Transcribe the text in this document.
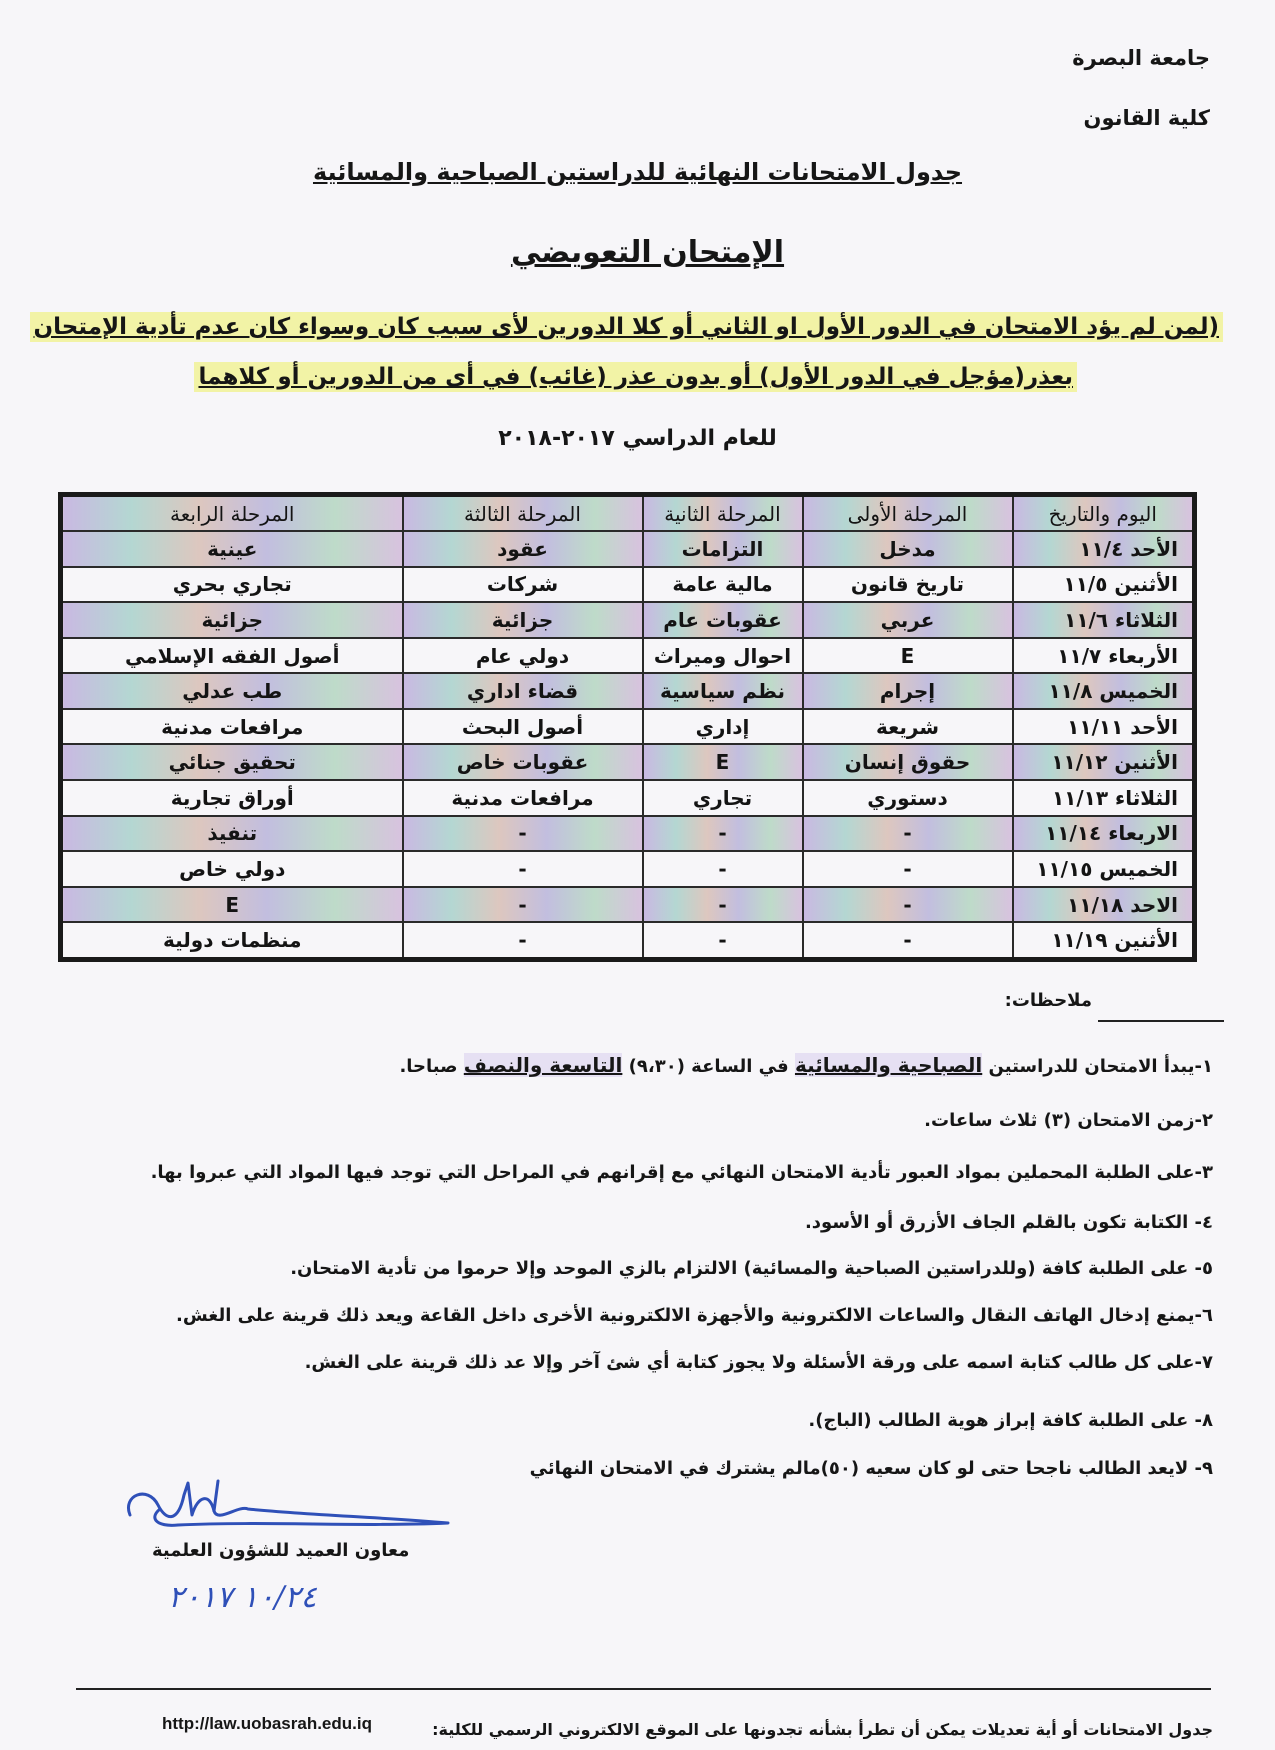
جامعة البصرة
كلية القانون
جدول الامتحانات النهائية للدراستين الصباحية والمسائية
الإمتحان التعويضي
(لمن لم يؤد الامتحان في الدور الأول او الثاني أو كلا الدورين لأى سبب كان وسواء كان عدم تأدية الإمتحان
بعذر(مؤجل في الدور الأول) أو بدون عذر (غائب) في أى من الدورين أو كلاهما
للعام الدراسي ٢٠١٧-٢٠١٨
اليوم والتاريخ	المرحلة الأولى	المرحلة الثانية	المرحلة الثالثة	المرحلة الرابعة
الأحد ١١/٤	مدخل	التزامات	عقود	عينية
الأثنين ١١/٥	تاريخ قانون	مالية عامة	شركات	تجاري بحري
الثلاثاء ١١/٦	عربي	عقوبات عام	جزائية	جزائية
الأربعاء ١١/٧	E	احوال وميراث	دولي عام	أصول الفقه الإسلامي
الخميس ١١/٨	إجرام	نظم سياسية	قضاء اداري	طب عدلي
الأحد ١١/١١	شريعة	إداري	أصول البحث	مرافعات مدنية
الأثنين ١١/١٢	حقوق إنسان	E	عقوبات خاص	تحقيق جنائي
الثلاثاء ١١/١٣	دستوري	تجاري	مرافعات مدنية	أوراق تجارية
الاربعاء ١١/١٤	-	-	-	تنفيذ
الخميس ١١/١٥	-	-	-	دولي خاص
الاحد ١١/١٨	-	-	-	E
الأثنين ١١/١٩	-	-	-	منظمات دولية
ملاحظات:
١-يبدأ الامتحان للدراستين الصباحية والمسائية في الساعة (٩،٣٠) التاسعة والنصف صباحا.
٢-زمن الامتحان (٣) ثلاث ساعات.
٣-على الطلبة المحملين بمواد العبور تأدية الامتحان النهائي مع إقرانهم في المراحل التي توجد فيها المواد التي عبروا بها.
٤- الكتابة تكون بالقلم الجاف الأزرق أو الأسود.
٥- على الطلبة كافة (وللدراستين الصباحية والمسائية) الالتزام بالزي الموحد وإلا حرموا من تأدية الامتحان.
٦-يمنع إدخال الهاتف النقال والساعات الالكترونية والأجهزة الالكترونية الأخرى داخل القاعة ويعد ذلك قرينة على الغش.
٧-على كل طالب كتابة اسمه على ورقة الأسئلة ولا يجوز كتابة أي شئ آخر وإلا عد ذلك قرينة على الغش.
٨- على الطلبة كافة إبراز هوية الطالب (الباج).
٩- لايعد الطالب ناجحا حتى لو كان سعيه (٥٠)مالم يشترك في الامتحان النهائي
معاون العميد للشؤون العلمية
١٠/٢٤ ٢٠١٧
جدول الامتحانات أو أية تعديلات يمكن أن تطرأ بشأنه تجدونها على الموقع الالكتروني الرسمي للكلية:
http://law.uobasrah.edu.iq
